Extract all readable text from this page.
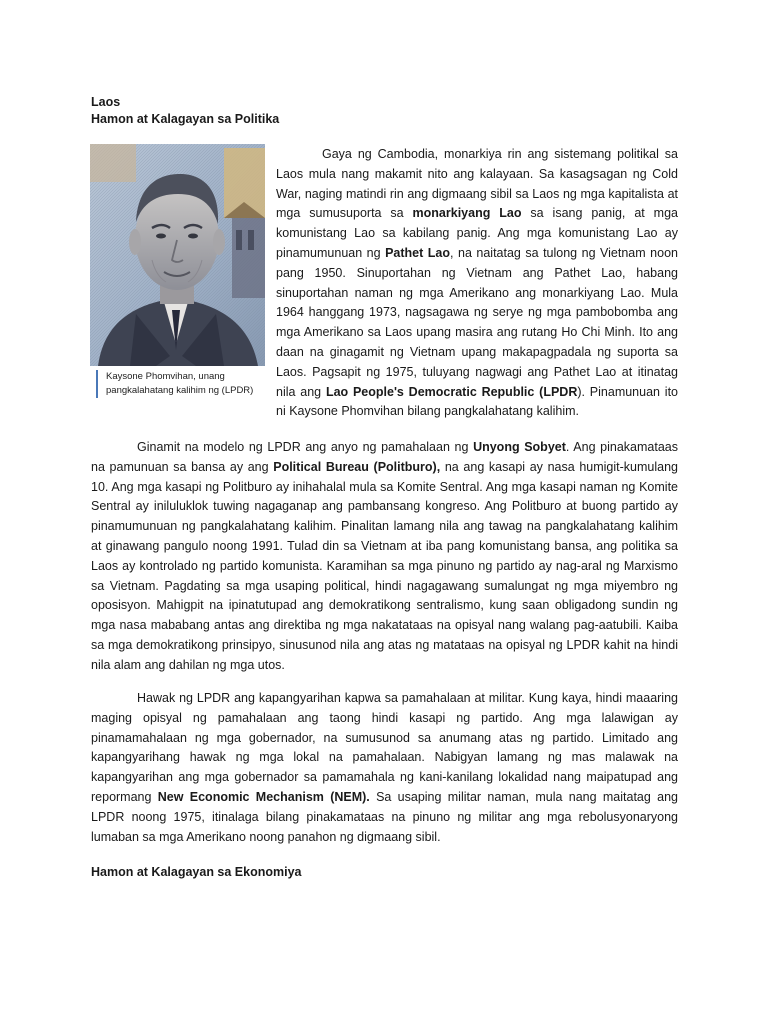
Laos
Hamon at Kalagayan sa Politika
Kaysone Phomvihan, unang pangkalahatang kalihim ng (LPDR)
Gaya ng Cambodia, monarkiya rin ang sistemang politikal sa Laos mula nang makamit nito ang kalayaan. Sa kasagsagan ng Cold War, naging matindi rin ang digmaang sibil sa Laos ng mga kapitalista at mga sumusuporta sa monarkiyang Lao sa isang panig, at mga komunistang Lao sa kabilang panig. Ang mga komunistang Lao ay pinamumunuan ng Pathet Lao, na naitatag sa tulong ng Vietnam noon pang 1950. Sinuportahan ng Vietnam ang Pathet Lao, habang sinuportahan naman ng mga Amerikano ang monarkiyang Lao. Mula 1964 hanggang 1973, nagsagawa ng serye ng mga pambobomba ang mga Amerikano sa Laos upang masira ang rutang Ho Chi Minh. Ito ang daan na ginagamit ng Vietnam upang makapagpadala ng suporta sa Laos. Pagsapit ng 1975, tuluyang nagwagi ang Pathet Lao at itinatag nila ang Lao People's Democratic Republic (LPDR). Pinamunuan ito ni Kaysone Phomvihan bilang pangkalahatang kalihim.
Ginamit na modelo ng LPDR ang anyo ng pamahalaan ng Unyong Sobyet. Ang pinakamataas na pamunuan sa bansa ay ang Political Bureau (Politburo), na ang kasapi ay nasa humigit-kumulang 10. Ang mga kasapi ng Politburo ay inihahalal mula sa Komite Sentral. Ang mga kasapi naman ng Komite Sentral ay iniluluklok tuwing nagaganap ang pambansang kongreso. Ang Politburo at buong partido ay pinamumunuan ng pangkalahatang kalihim. Pinalitan lamang nila ang tawag na pangkalahatang kalihim at ginawang pangulo noong 1991. Tulad din sa Vietnam at iba pang komunistang bansa, ang politika sa Laos ay kontrolado ng partido komunista. Karamihan sa mga pinuno ng partido ay nag-aral ng Marxismo sa Vietnam. Pagdating sa mga usaping political, hindi nagagawang sumalungat ng mga miyembro ng oposisyon. Mahigpit na ipinatutupad ang demokratikong sentralismo, kung saan obligadong sundin ng mga nasa mababang antas ang direktiba ng mga nakatataas na opisyal nang walang pag-aatubili. Kaiba sa mga demokratikong prinsipyo, sinusunod nila ang atas ng matataas na opisyal ng LPDR kahit na hindi nila alam ang dahilan ng mga utos.
Hawak ng LPDR ang kapangyarihan kapwa sa pamahalaan at militar. Kung kaya, hindi maaaring maging opisyal ng pamahalaan ang taong hindi kasapi ng partido. Ang mga lalawigan ay pinamamahalaan ng mga gobernador, na sumusunod sa anumang atas ng partido. Limitado ang kapangyarihang hawak ng mga lokal na pamahalaan. Nabigyan lamang ng mas malawak na kapangyarihan ang mga gobernador sa pamamahala ng kani-kanilang lokalidad nang maipatupad ang repormang New Economic Mechanism (NEM). Sa usaping militar naman, mula nang maitatag ang LPDR noong 1975, itinalaga bilang pinakamataas na pinuno ng militar ang mga rebolusyonaryong lumaban sa mga Amerikano noong panahon ng digmaang sibil.
Hamon at Kalagayan sa Ekonomiya
